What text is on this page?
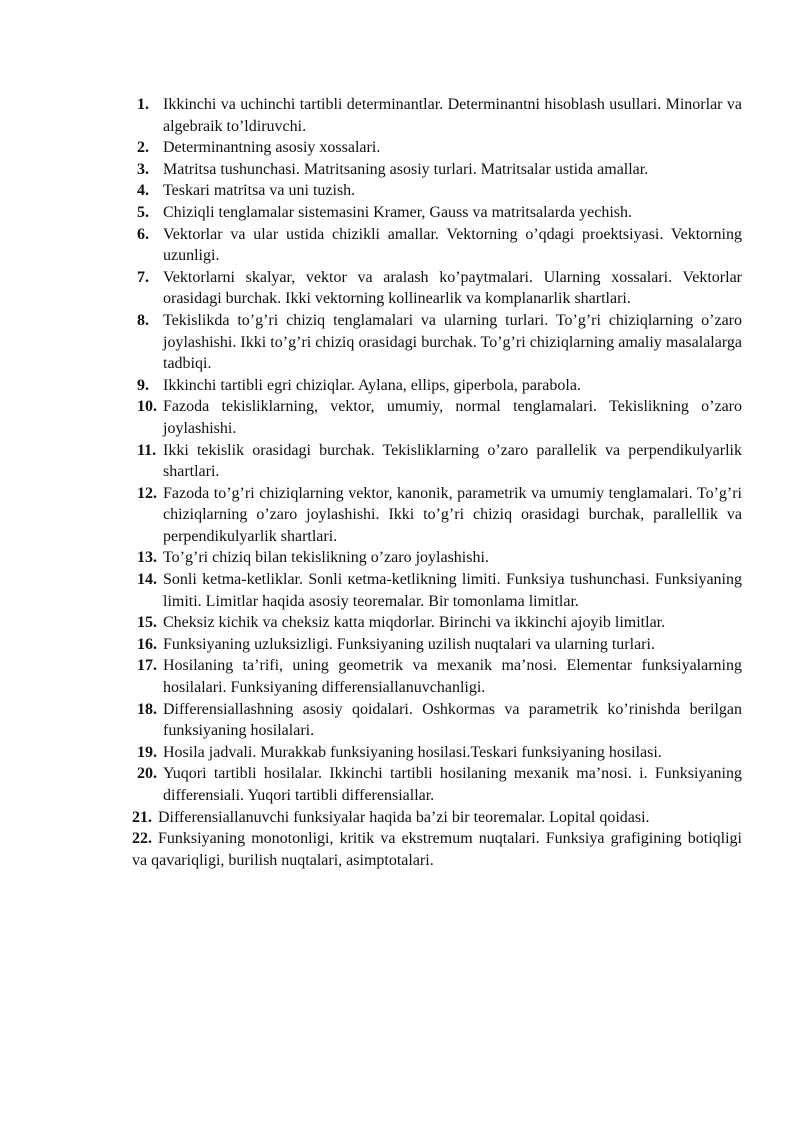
1. Ikkinchi va uchinchi tartibli determinantlar. Determinantni hisoblash usullari. Minorlar va algebraik to’ldiruvchi.
2. Determinantning asosiy xossalari.
3. Matritsa tushunchasi. Matritsaning asosiy turlari. Matritsalar ustida amallar.
4. Teskari matritsa va uni tuzish.
5. Chiziqli tenglamalar sistemasini Kramer, Gauss va matritsalarda yechish.
6. Vektorlar va ular ustida chizikli amallar. Vektorning o’qdagi proektsiyasi. Vektorning uzunligi.
7. Vektorlarni skalyar, vektor va aralash ko’paytmalari. Ularning xossalari. Vektorlar orasidagi burchak. Ikki vektorning kollinearlik va komplanarlik shartlari.
8. Tekislikda to’g’ri chiziq tenglamalari va ularning turlari. To’g’ri chiziqlarning o’zaro joylashishi. Ikki to’g’ri chiziq orasidagi burchak. To’g’ri chiziqlarning amaliy masalalarga tadbiqi.
9. Ikkinchi tartibli egri chiziqlar. Aylana, ellips, giperbola, parabola.
10. Fazoda tekisliklarning, vektor, umumiy, normal tenglamalari. Tekislikning o’zaro joylashishi.
11. Ikki tekislik orasidagi burchak. Tekisliklarning o’zaro parallelik va perpendikulyarlik shartlari.
12. Fazoda to’g’ri chiziqlarning vektor, kanonik, parametrik va umumiy tenglamalari. To’g’ri chiziqlarning o’zaro joylashishi. Ikki to’g’ri chiziq orasidagi burchak, parallellik va perpendikulyarlik shartlari.
13. To’g’ri chiziq bilan tekislikning o’zaro joylashishi.
14. Sonli ketma-ketliklar. Sonli кetma-ketlikning limiti. Funksiya tushunchasi. Funksiyaning limiti. Limitlar haqida asosiy teoremalar. Bir tomonlama limitlar.
15. Cheksiz kichik va cheksiz katta miqdorlar. Birinchi va ikkinchi ajoyib limitlar.
16. Funksiyaning uzluksizligi. Funksiyaning uzilish nuqtalari va ularning turlari.
17. Hosilaning ta’rifi, uning geometrik va mexanik ma’nosi. Elementar funksiyalarning hosilalari. Funksiyaning differensiallanuvchanligi.
18. Differensiallashning asosiy qoidalari. Oshkormas va parametrik ko’rinishda berilgan funksiyaning hosilalari.
19. Hosila jadvali. Murakkab funksiyaning hosilasi.Teskari funksiyaning hosilasi.
20. Yuqori tartibli hosilalar. Ikkinchi tartibli hosilaning mexanik ma’nosi. i. Funksiyaning differensiali. Yuqori tartibli differensiallar.
21. Differensiallanuvchi funksiyalar haqida ba’zi bir teoremalar. Lopital qoidasi.
22. Funksiyaning monotonligi, kritik va ekstremum nuqtalari. Funksiya grafigining botiqligi va qavariqligi, burilish nuqtalari, asimptotalari.
